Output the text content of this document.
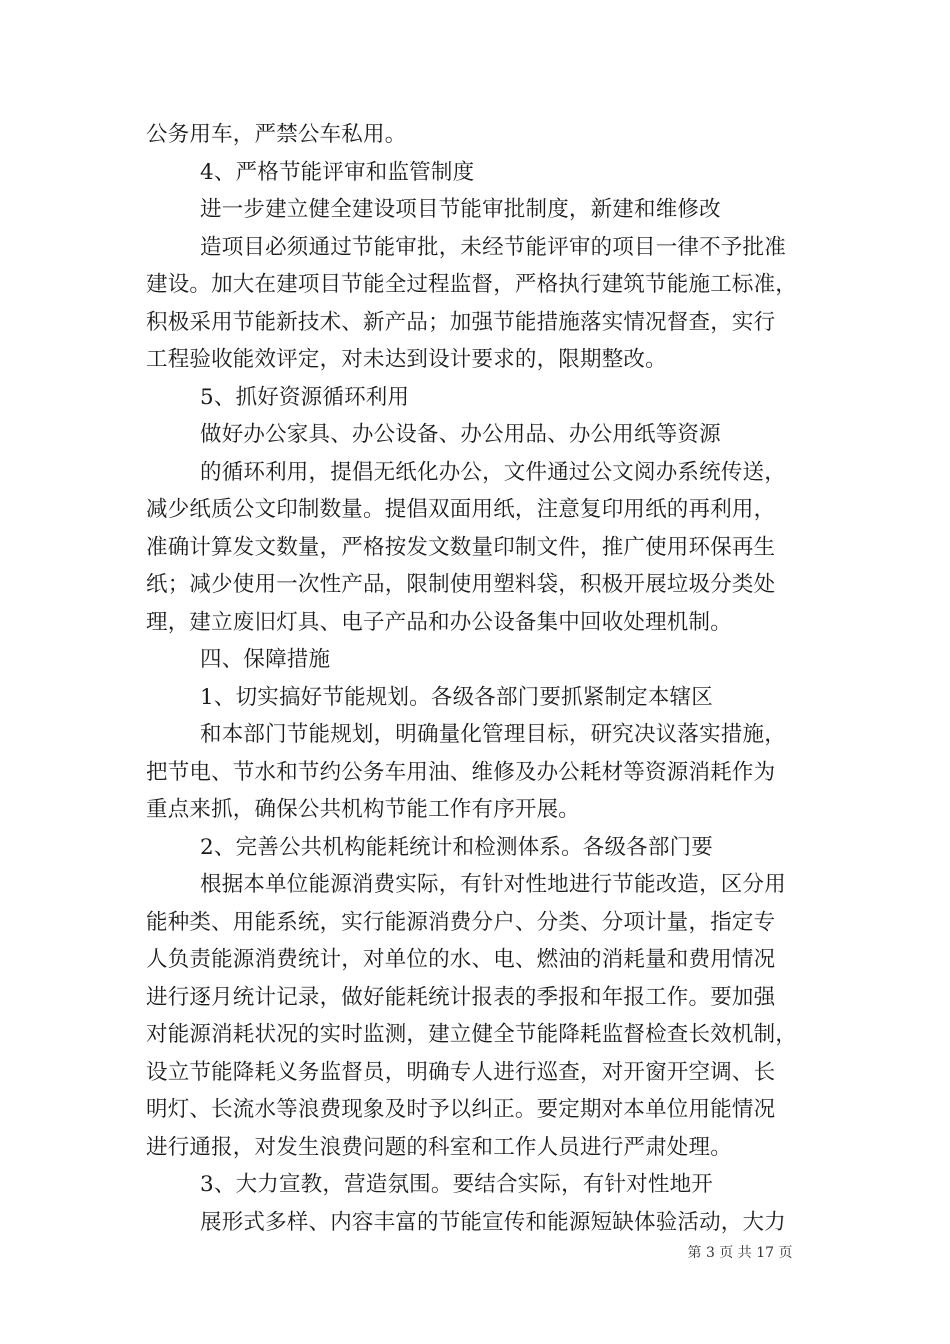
公务用车，严禁公车私用。
4、严格节能评审和监管制度
进一步建立健全建设项目节能审批制度，新建和维修改
造项目必须通过节能审批，未经节能评审的项目一律不予批准
建设。加大在建项目节能全过程监督，严格执行建筑节能施工标准，
积极采用节能新技术、新产品；加强节能措施落实情况督查，实行
工程验收能效评定，对未达到设计要求的，限期整改。
5、抓好资源循环利用
做好办公家具、办公设备、办公用品、办公用纸等资源
的循环利用，提倡无纸化办公，文件通过公文阅办系统传送，
减少纸质公文印制数量。提倡双面用纸，注意复印用纸的再利用，
准确计算发文数量，严格按发文数量印制文件，推广使用环保再生
纸；减少使用一次性产品，限制使用塑料袋，积极开展垃圾分类处
理，建立废旧灯具、电子产品和办公设备集中回收处理机制。
四、保障措施
1、切实搞好节能规划。各级各部门要抓紧制定本辖区
和本部门节能规划，明确量化管理目标，研究决议落实措施，
把节电、节水和节约公务车用油、维修及办公耗材等资源消耗作为
重点来抓，确保公共机构节能工作有序开展。
2、完善公共机构能耗统计和检测体系。各级各部门要
根据本单位能源消费实际，有针对性地进行节能改造，区分用
能种类、用能系统，实行能源消费分户、分类、分项计量，指定专
人负责能源消费统计，对单位的水、电、燃油的消耗量和费用情况
进行逐月统计记录，做好能耗统计报表的季报和年报工作。要加强
对能源消耗状况的实时监测，建立健全节能降耗监督检查长效机制，
设立节能降耗义务监督员，明确专人进行巡查，对开窗开空调、长
明灯、长流水等浪费现象及时予以纠正。要定期对本单位用能情况
进行通报，对发生浪费问题的科室和工作人员进行严肃处理。
3、大力宣教，营造氛围。要结合实际，有针对性地开
展形式多样、内容丰富的节能宣传和能源短缺体验活动，大力
第 3 页 共 17 页
